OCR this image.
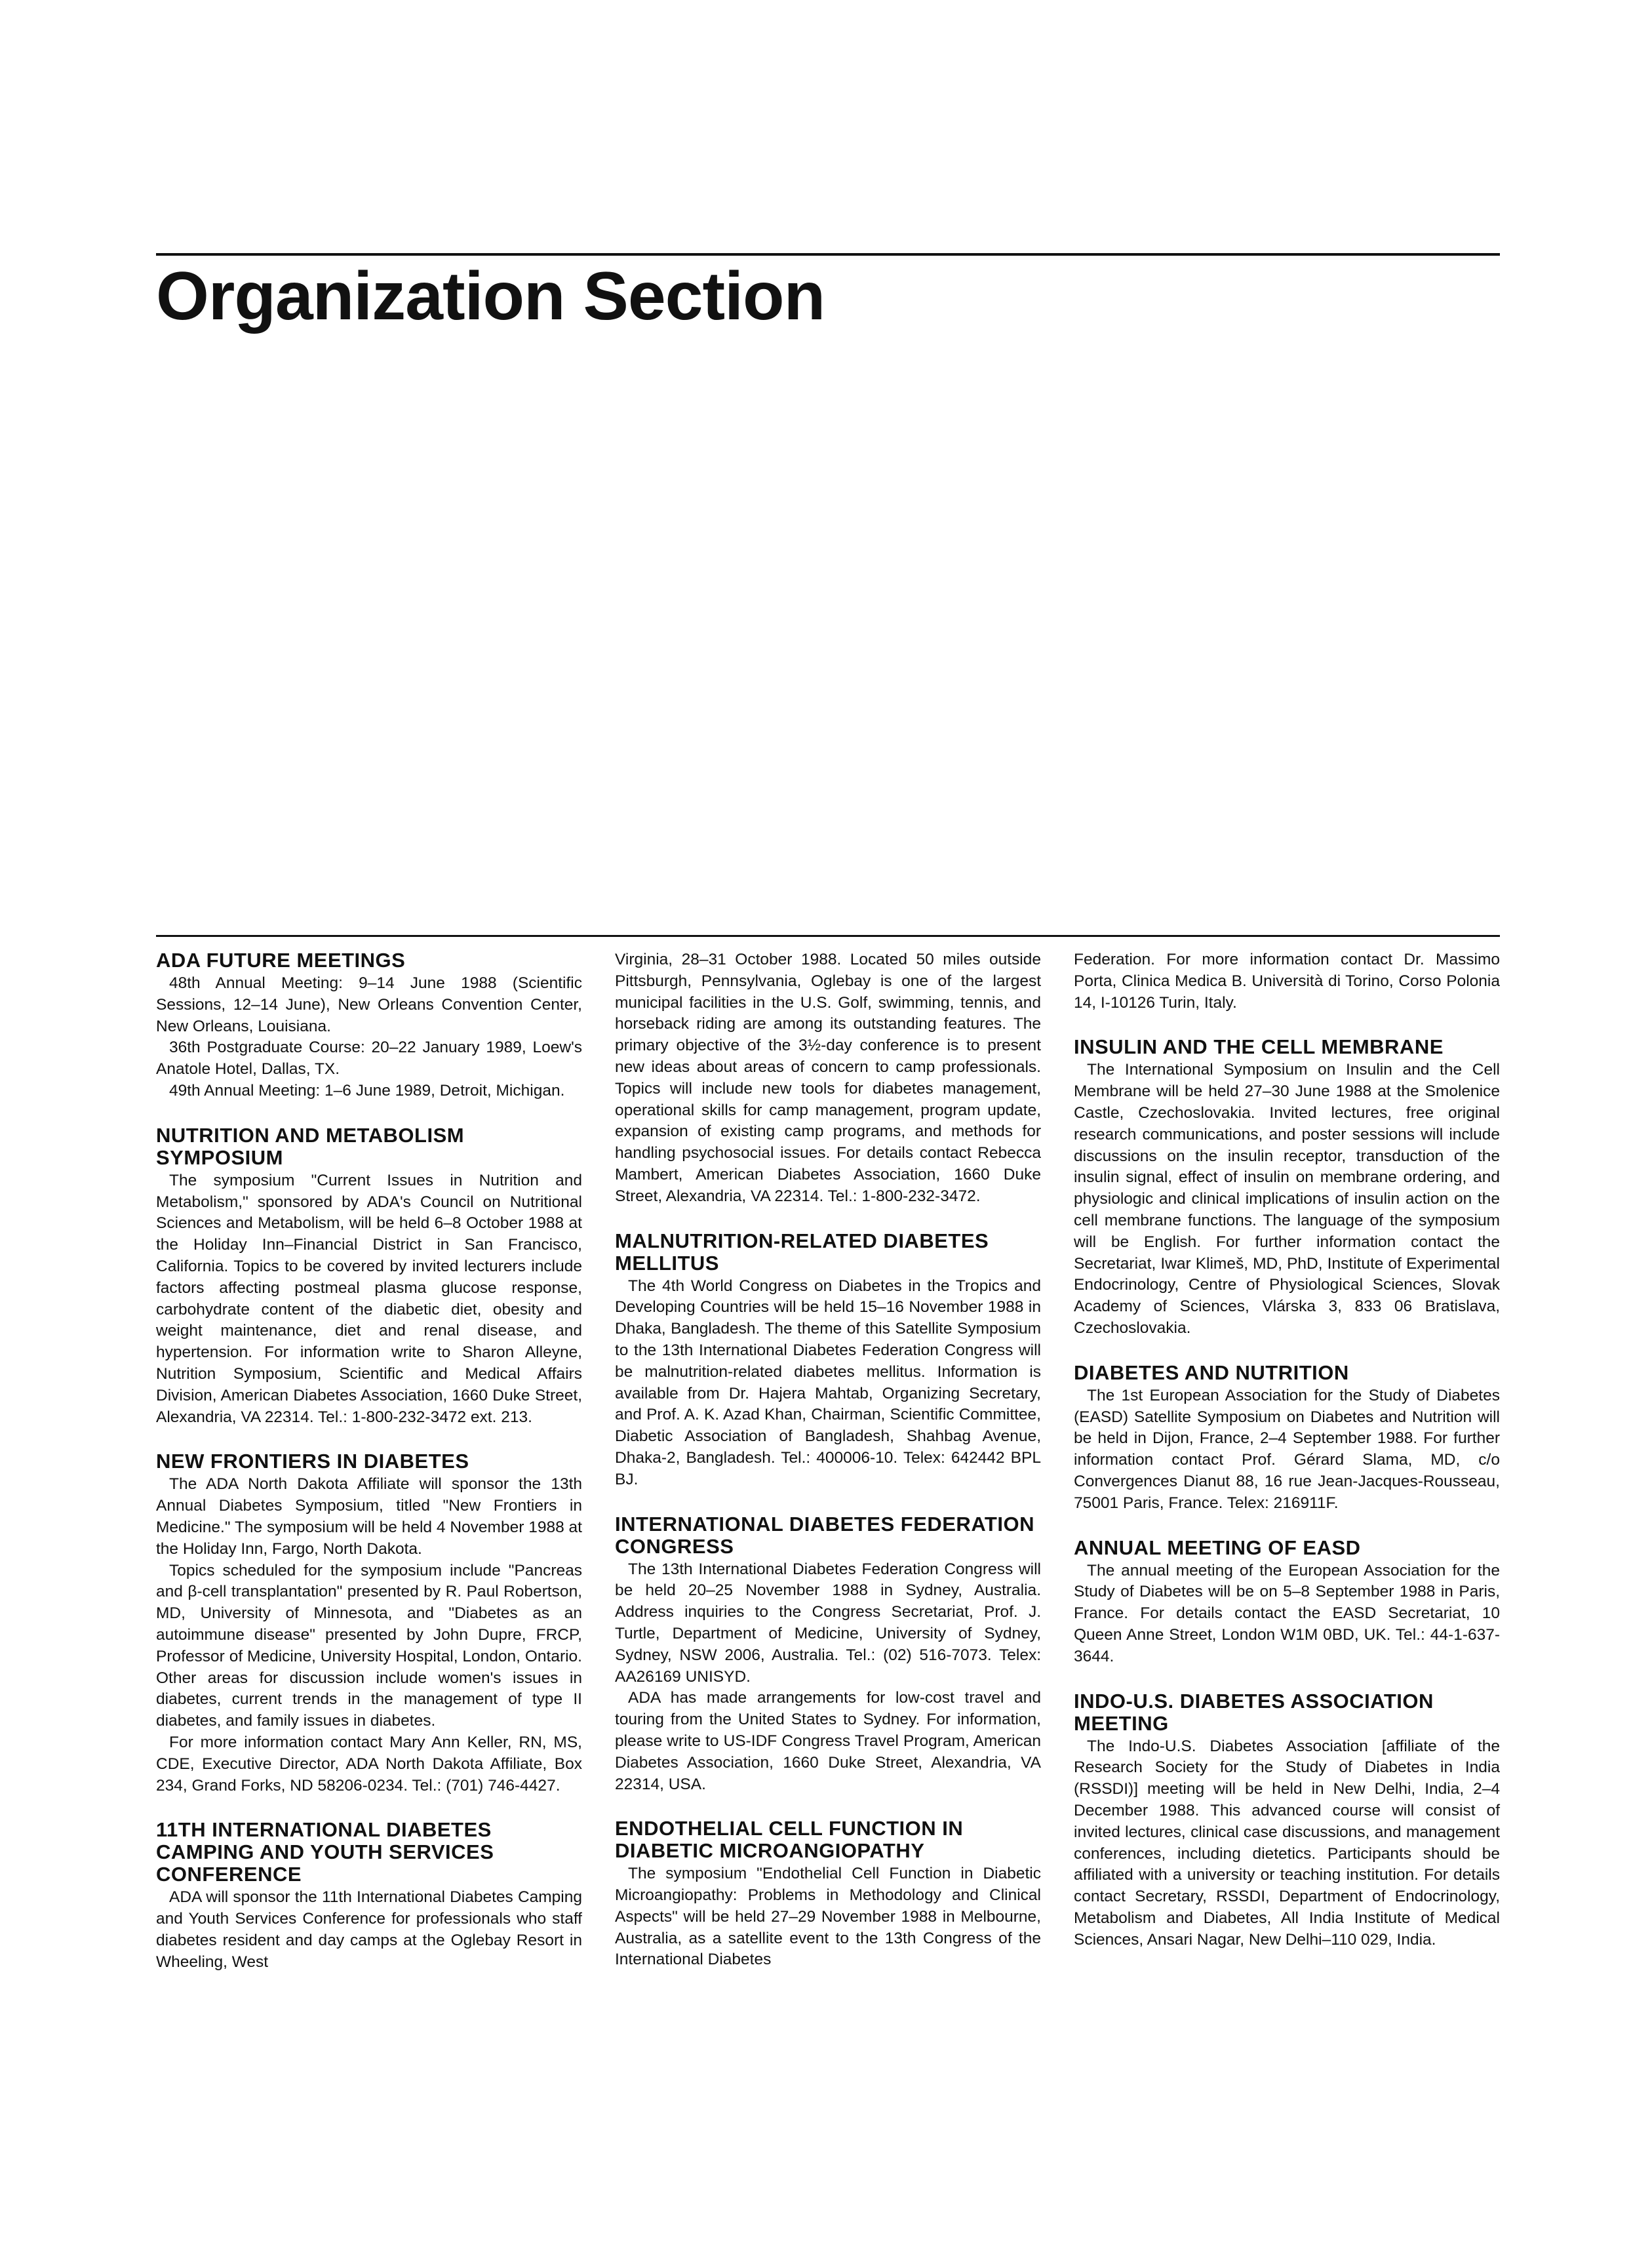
Organization Section
ADA FUTURE MEETINGS

48th Annual Meeting: 9–14 June 1988 (Scientific Sessions, 12–14 June), New Orleans Convention Center, New Orleans, Louisiana.

36th Postgraduate Course: 20–22 January 1989, Loew's Anatole Hotel, Dallas, TX.

49th Annual Meeting: 1–6 June 1989, Detroit, Michigan.

NUTRITION AND METABOLISM SYMPOSIUM

The symposium "Current Issues in Nutrition and Metabolism," sponsored by ADA's Council on Nutritional Sciences and Metabolism, will be held 6–8 October 1988 at the Holiday Inn–Financial District in San Francisco, California. Topics to be covered by invited lecturers include factors affecting postmeal plasma glucose response, carbohydrate content of the diabetic diet, obesity and weight maintenance, diet and renal disease, and hypertension. For information write to Sharon Alleyne, Nutrition Symposium, Scientific and Medical Affairs Division, American Diabetes Association, 1660 Duke Street, Alexandria, VA 22314. Tel.: 1-800-232-3472 ext. 213.

NEW FRONTIERS IN DIABETES

The ADA North Dakota Affiliate will sponsor the 13th Annual Diabetes Symposium, titled "New Frontiers in Medicine." The symposium will be held 4 November 1988 at the Holiday Inn, Fargo, North Dakota.

Topics scheduled for the symposium include "Pancreas and β-cell transplantation" presented by R. Paul Robertson, MD, University of Minnesota, and "Diabetes as an autoimmune disease" presented by John Dupre, FRCP, Professor of Medicine, University Hospital, London, Ontario. Other areas for discussion include women's issues in diabetes, current trends in the management of type II diabetes, and family issues in diabetes.

For more information contact Mary Ann Keller, RN, MS, CDE, Executive Director, ADA North Dakota Affiliate, Box 234, Grand Forks, ND 58206-0234. Tel.: (701) 746-4427.

11TH INTERNATIONAL DIABETES CAMPING AND YOUTH SERVICES CONFERENCE

ADA will sponsor the 11th International Diabetes Camping and Youth Services Conference for professionals who staff diabetes resident and day camps at the Oglebay Resort in Wheeling, West

Virginia, 28–31 October 1988. Located 50 miles outside Pittsburgh, Pennsylvania, Oglebay is one of the largest municipal facilities in the U.S. Golf, swimming, tennis, and horseback riding are among its outstanding features. The primary objective of the 3½-day conference is to present new ideas about areas of concern to camp professionals. Topics will include new tools for diabetes management, operational skills for camp management, program update, expansion of existing camp programs, and methods for handling psychosocial issues. For details contact Rebecca Mambert, American Diabetes Association, 1660 Duke Street, Alexandria, VA 22314. Tel.: 1-800-232-3472.

MALNUTRITION-RELATED DIABETES MELLITUS

The 4th World Congress on Diabetes in the Tropics and Developing Countries will be held 15–16 November 1988 in Dhaka, Bangladesh. The theme of this Satellite Symposium to the 13th International Diabetes Federation Congress will be malnutrition-related diabetes mellitus. Information is available from Dr. Hajera Mahtab, Organizing Secretary, and Prof. A. K. Azad Khan, Chairman, Scientific Committee, Diabetic Association of Bangladesh, Shahbag Avenue, Dhaka-2, Bangladesh. Tel.: 400006-10. Telex: 642442 BPL BJ.

INTERNATIONAL DIABETES FEDERATION CONGRESS

The 13th International Diabetes Federation Congress will be held 20–25 November 1988 in Sydney, Australia. Address inquiries to the Congress Secretariat, Prof. J. Turtle, Department of Medicine, University of Sydney, Sydney, NSW 2006, Australia. Tel.: (02) 516-7073. Telex: AA26169 UNISYD.

ADA has made arrangements for low-cost travel and touring from the United States to Sydney. For information, please write to US-IDF Congress Travel Program, American Diabetes Association, 1660 Duke Street, Alexandria, VA 22314, USA.

ENDOTHELIAL CELL FUNCTION IN DIABETIC MICROANGIOPATHY

The symposium "Endothelial Cell Function in Diabetic Microangiopathy: Problems in Methodology and Clinical Aspects" will be held 27–29 November 1988 in Melbourne, Australia, as a satellite event to the 13th Congress of the International Diabetes

Federation. For more information contact Dr. Massimo Porta, Clinica Medica B. Università di Torino, Corso Polonia 14, I-10126 Turin, Italy.

INSULIN AND THE CELL MEMBRANE

The International Symposium on Insulin and the Cell Membrane will be held 27–30 June 1988 at the Smolenice Castle, Czechoslovakia. Invited lectures, free original research communications, and poster sessions will include discussions on the insulin receptor, transduction of the insulin signal, effect of insulin on membrane ordering, and physiologic and clinical implications of insulin action on the cell membrane functions. The language of the symposium will be English. For further information contact the Secretariat, Iwar Klimeš, MD, PhD, Institute of Experimental Endocrinology, Centre of Physiological Sciences, Slovak Academy of Sciences, Vlárska 3, 833 06 Bratislava, Czechoslovakia.

DIABETES AND NUTRITION

The 1st European Association for the Study of Diabetes (EASD) Satellite Symposium on Diabetes and Nutrition will be held in Dijon, France, 2–4 September 1988. For further information contact Prof. Gérard Slama, MD, c/o Convergences Dianut 88, 16 rue Jean-Jacques-Rousseau, 75001 Paris, France. Telex: 216911F.

ANNUAL MEETING OF EASD

The annual meeting of the European Association for the Study of Diabetes will be on 5–8 September 1988 in Paris, France. For details contact the EASD Secretariat, 10 Queen Anne Street, London W1M 0BD, UK. Tel.: 44-1-637-3644.

INDO-U.S. DIABETES ASSOCIATION MEETING

The Indo-U.S. Diabetes Association [affiliate of the Research Society for the Study of Diabetes in India (RSSDI)] meeting will be held in New Delhi, India, 2–4 December 1988. This advanced course will consist of invited lectures, clinical case discussions, and management conferences, including dietetics. Participants should be affiliated with a university or teaching institution. For details contact Secretary, RSSDI, Department of Endocrinology, Metabolism and Diabetes, All India Institute of Medical Sciences, Ansari Nagar, New Delhi–110 029, India.
